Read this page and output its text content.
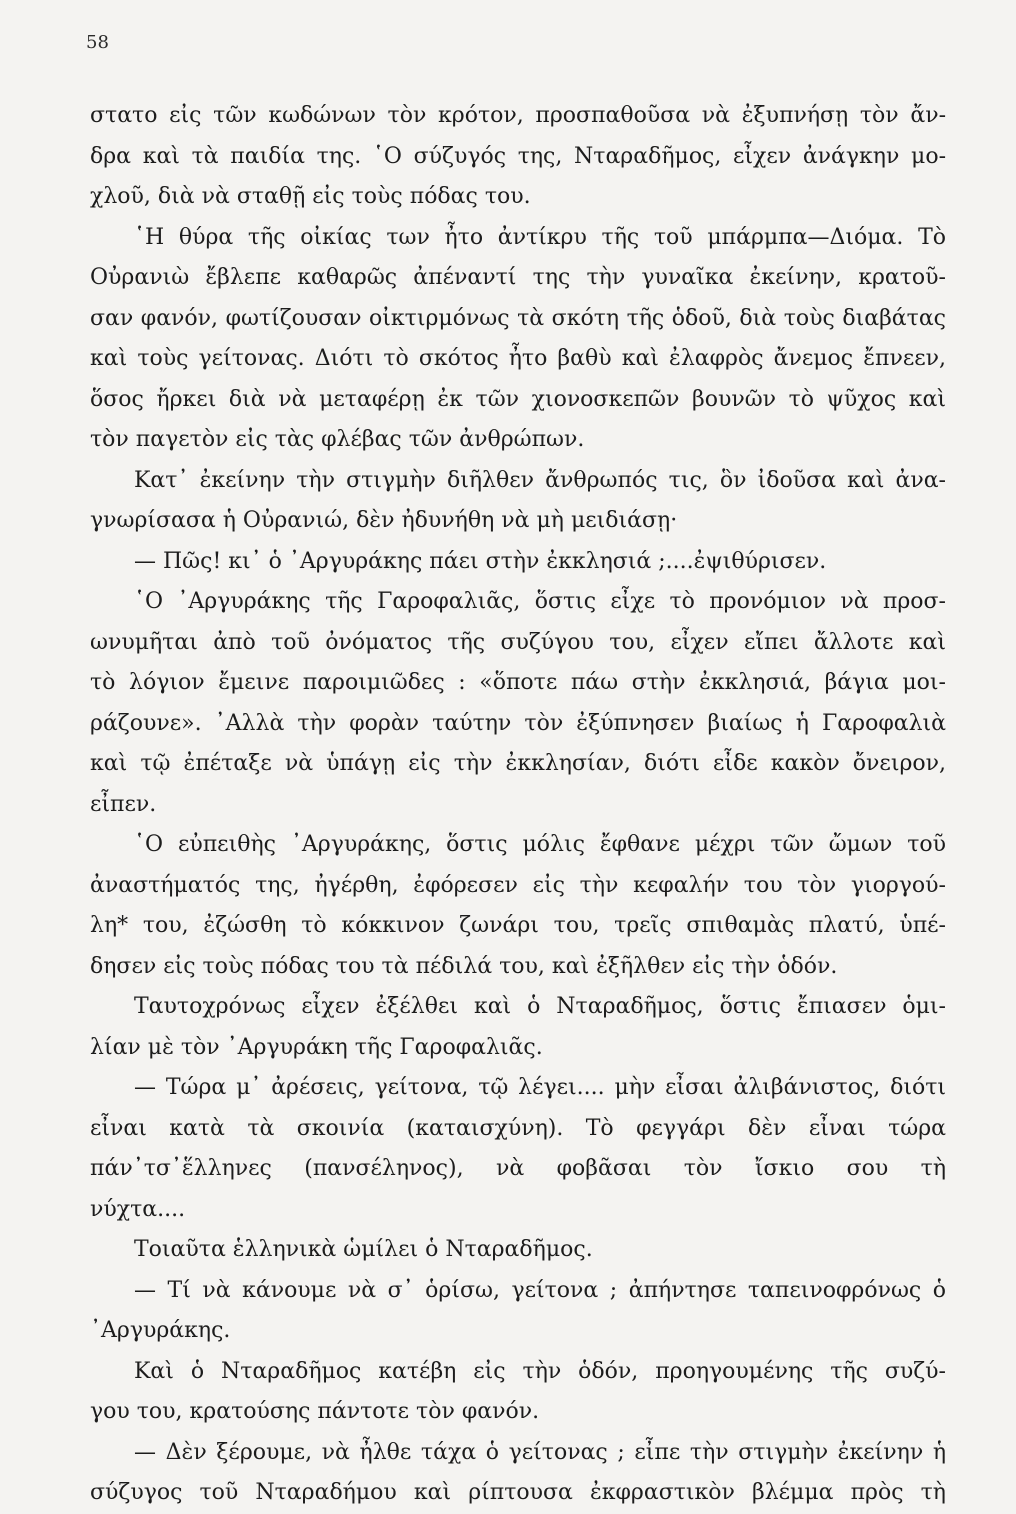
58
στατο εἰς τῶν κωδώνων τὸν κρότον, προσπαθοῦσα νὰ ἐξυπνήσῃ τὸν ἄν-
δρα καὶ τὰ παιδία της. ῾Ο σύζυγός της, Νταραδῆμος, εἶχεν ἀνάγκην μο-
χλοῦ, διὰ νὰ σταθῇ εἰς τοὺς πόδας του.
῾Η θύρα τῆς οἰκίας των ἦτο ἀντίκρυ τῆς τοῦ μπάρμπα—Διόμα. Τὸ
Οὐρανιὼ ἔβλεπε καθαρῶς ἀπέναντί της τὴν γυναῖκα ἐκείνην, κρατοῦ-
σαν φανόν, φωτίζουσαν οἰκτιρμόνως τὰ σκότη τῆς ὁδοῦ, διὰ τοὺς διαβάτας
καὶ τοὺς γείτονας. Διότι τὸ σκότος ἦτο βαθὺ καὶ ἐλαφρὸς ἄνεμος ἔπνεεν,
ὅσος ἤρκει διὰ νὰ μεταφέρῃ ἐκ τῶν χιονοσκεπῶν βουνῶν τὸ ψῦχος καὶ
τὸν παγετὸν εἰς τὰς φλέβας τῶν ἀνθρώπων.
Κατ᾽ ἐκείνην τὴν στιγμὴν διῆλθεν ἄνθρωπός τις, ὃν ἰδοῦσα καὶ ἀνα-
γνωρίσασα ἡ Οὐρανιώ, δὲν ἠδυνήθη νὰ μὴ μειδιάσῃ·
— Πῶς! κι᾽ ὁ ᾽Αργυράκης πάει στὴν ἐκκλησιά ;....ἐψιθύρισεν.
῾Ο ᾽Αργυράκης τῆς Γαροφαλιᾶς, ὅστις εἶχε τὸ προνόμιον νὰ προσ-
ωνυμῆται ἀπὸ τοῦ ὀνόματος τῆς συζύγου του, εἶχεν εἴπει ἄλλοτε καὶ
τὸ λόγιον ἔμεινε παροιμιῶδες : «ὅποτε πάω στὴν ἐκκλησιά, βάγια μοι-
ράζουνε». ᾽Αλλὰ τὴν φορὰν ταύτην τὸν ἐξύπνησεν βιαίως ἡ Γαροφαλιὰ
καὶ τῷ ἐπέταξε νὰ ὑπάγῃ εἰς τὴν ἐκκλησίαν, διότι εἶδε κακὸν ὄνειρον,
εἶπεν.
῾Ο εὐπειθὴς ᾽Αργυράκης, ὅστις μόλις ἔφθανε μέχρι τῶν ὤμων τοῦ
ἀναστήματός της, ἠγέρθη, ἐφόρεσεν εἰς τὴν κεφαλήν του τὸν γιοργού-
λη* του, ἐζώσθη τὸ κόκκινον ζωνάρι του, τρεῖς σπιθαμὰς πλατύ, ὑπέ-
δησεν εἰς τοὺς πόδας του τὰ πέδιλά του, καὶ ἐξῆλθεν εἰς τὴν ὁδόν.
Ταυτοχρόνως εἶχεν ἐξέλθει καὶ ὁ Νταραδῆμος, ὅστις ἔπιασεν ὁμι-
λίαν μὲ τὸν ᾽Αργυράκη τῆς Γαροφαλιᾶς.
— Τώρα μ᾽ ἀρέσεις, γείτονα, τῷ λέγει.... μὴν εἶσαι ἀλιβάνιστος, διότι
εἶναι κατὰ τὰ σκοινία (καταισχύνη). Τὸ φεγγάρι δὲν εἶναι τώρα
πάν᾽τσ᾽ἕλληνες (πανσέληνος), νὰ φοβᾶσαι τὸν ἴσκιο σου τὴ
νύχτα....
Τοιαῦτα ἑλληνικὰ ὡμίλει ὁ Νταραδῆμος.
— Τί νὰ κάνουμε νὰ σ᾽ ὁρίσω, γείτονα ; ἀπήντησε ταπεινοφρόνως ὁ
᾽Αργυράκης.
Καὶ ὁ Νταραδῆμος κατέβη εἰς τὴν ὁδόν, προηγουμένης τῆς συζύ-
γου του, κρατούσης πάντοτε τὸν φανόν.
— Δὲν ξέρουμε, νὰ ἦλθε τάχα ὁ γείτονας ; εἶπε τὴν στιγμὴν ἐκείνην ἡ
σύζυγος τοῦ Νταραδήμου καὶ ρίπτουσα ἐκφραστικὸν βλέμμα πρὸς τὴ
